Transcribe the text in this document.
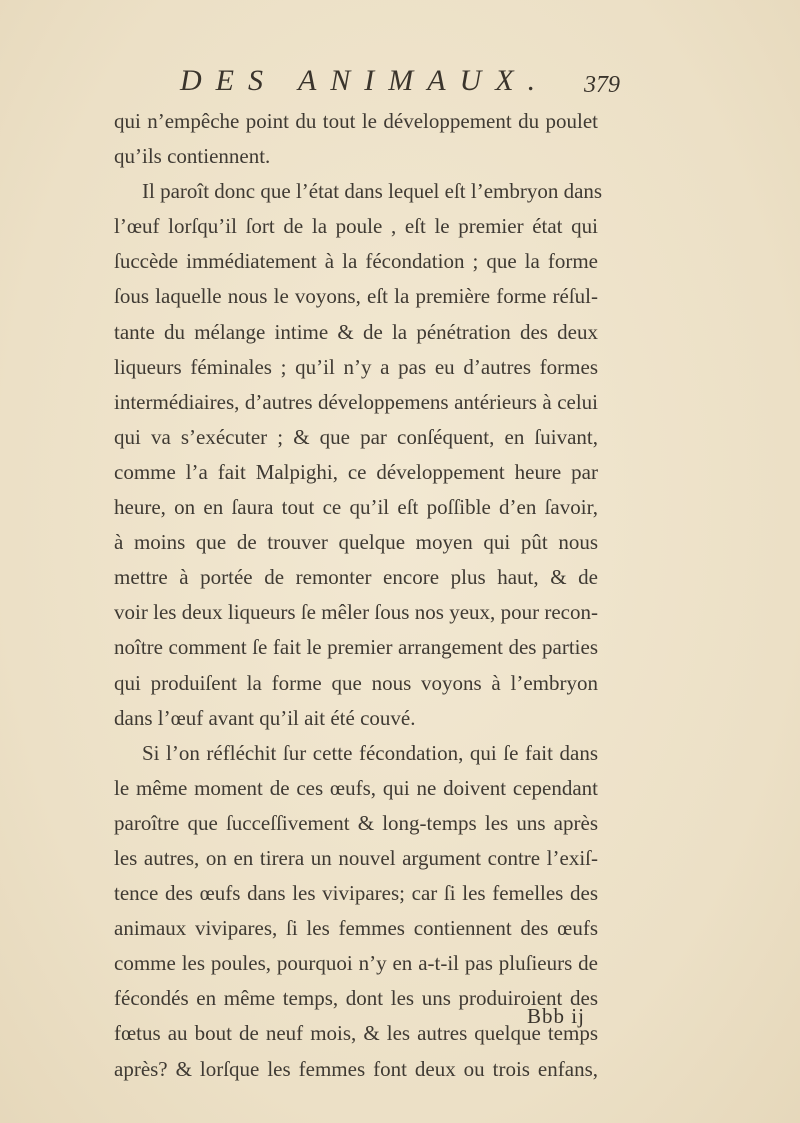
DES ANIMAUX. 379
qui n’empêche point du tout le développement du poulet
qu’ils contiennent.
Il paroît donc que l’état dans lequel eſt l’embryon dans
l’œuf lorſqu’il ſort de la poule , eſt le premier état qui
ſuccède immédiatement à la fécondation ; que la forme
ſous laquelle nous le voyons, eſt la première forme réſul-
tante du mélange intime & de la pénétration des deux
liqueurs féminales ; qu’il n’y a pas eu d’autres formes
intermédiaires, d’autres développemens antérieurs à celui
qui va s’exécuter ; & que par conſéquent, en ſuivant,
comme l’a fait Malpighi, ce développement heure par
heure, on en ſaura tout ce qu’il eſt poſſible d’en ſavoir,
à moins que de trouver quelque moyen qui pût nous
mettre à portée de remonter encore plus haut, & de
voir les deux liqueurs ſe mêler ſous nos yeux, pour recon-
noître comment ſe fait le premier arrangement des parties
qui produiſent la forme que nous voyons à l’embryon
dans l’œuf avant qu’il ait été couvé.
Si l’on réfléchit ſur cette fécondation, qui ſe fait dans
le même moment de ces œufs, qui ne doivent cependant
paroître que ſucceſſivement & long-temps les uns après
les autres, on en tirera un nouvel argument contre l’exiſ-
tence des œufs dans les vivipares; car ſi les femelles des
animaux vivipares, ſi les femmes contiennent des œufs
comme les poules, pourquoi n’y en a-t-il pas pluſieurs de
fécondés en même temps, dont les uns produiroient des
fœtus au bout de neuf mois, & les autres quelque temps
après? & lorſque les femmes font deux ou trois enfans,
Bbb ij
